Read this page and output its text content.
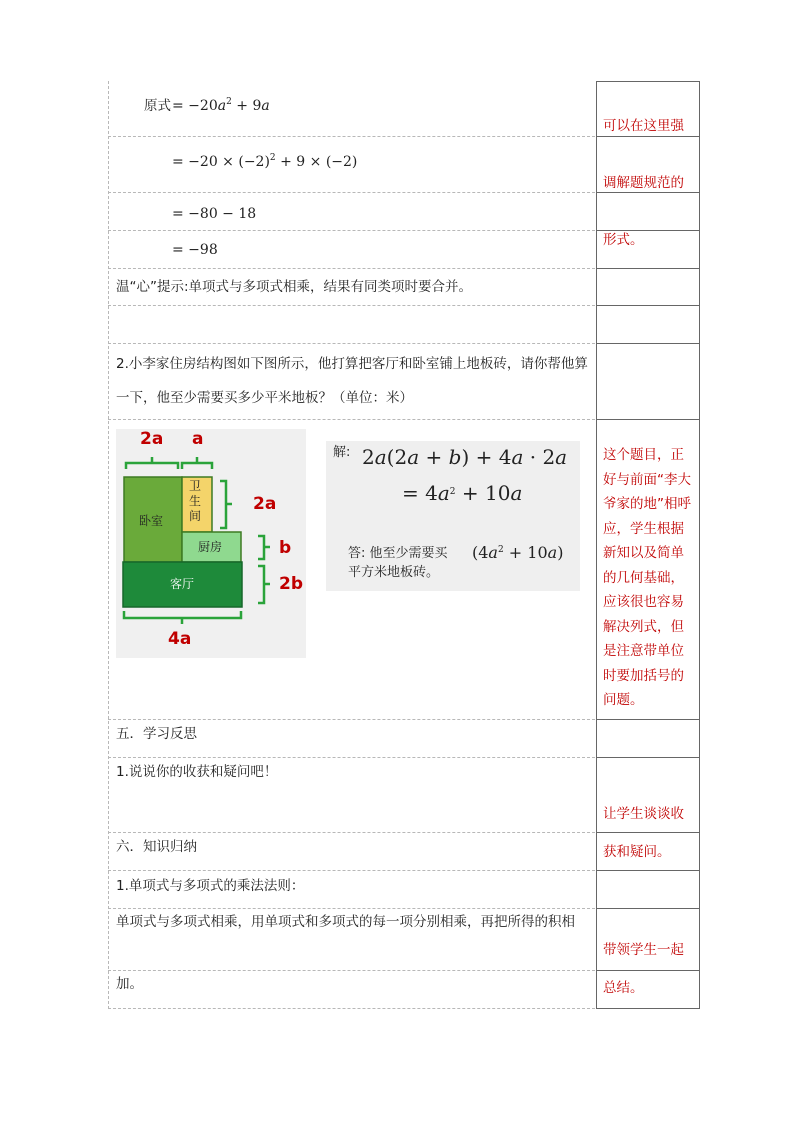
原式 = $-20a^2 + 9a$
= $-20 \times (-2)^2 + 9 \times (-2)$
= −80 − 18
= −98
温“心”提示:单项式与多项式相乘，结果有同类项时要合并。
2.小李家住房结构图如下图所示，他打算把客厅和卧室铺上地板砖，请你帮他算一下，他至少需要买多少平米地板？（单位：米）
五．学习反思
1.说说你的收获和疑问吧！
六．知识归纳
1.单项式与多项式的乘法法则：
单项式与多项式相乘，用单项式和多项式的每一项分别相乘，再把所得的积相
加。
可以在这里强调解题规范的形式。
这个题目，正好与前面“李大爷家的地”相呼应，学生根据新知以及简单的几何基础，应该很也容易解决列式，但是注意带单位时要加括号的问题。
让学生谈谈收获和疑问。
带领学生一起总结。
2a a
2a
b
2b
4a
卧室
卫生间
厨房
客厅
解: 2a(2a + b) + 4a · 2a
= $4a^2 + 10a$
答: 他至少需要买 $(4a^2 + 10a)$
平方米地板砖。
